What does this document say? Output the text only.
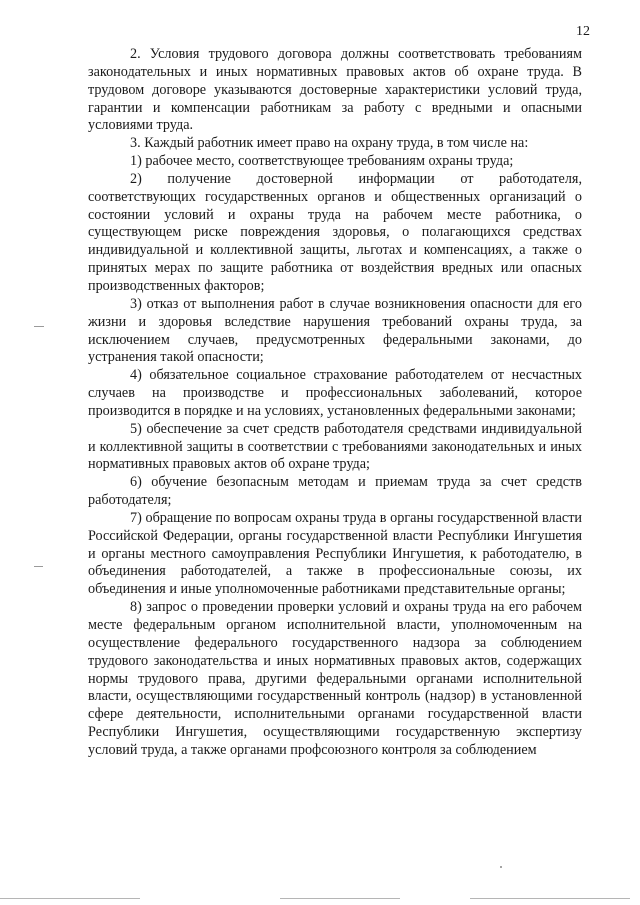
12

2. Условия трудового договора должны соответствовать требованиям законодательных и иных нормативных правовых актов об охране труда. В трудовом договоре указываются достоверные характеристики условий труда, гарантии и компенсации работникам за работу с вредными и опасными условиями труда.

3. Каждый работник имеет право на охрану труда, в том числе на:

1) рабочее место, соответствующее требованиям охраны труда;

2) получение достоверной информации от работодателя, соответствующих государственных органов и общественных организаций о состоянии условий и охраны труда на рабочем месте работника, о существующем риске повреждения здоровья, о полагающихся средствах индивидуальной и коллективной защиты, льготах и компенсациях, а также о принятых мерах по защите работника от воздействия вредных или опасных производственных факторов;

3) отказ от выполнения работ в случае возникновения опасности для его жизни и здоровья вследствие нарушения требований охраны труда, за исключением случаев, предусмотренных федеральными законами, до устранения такой опасности;

4) обязательное социальное страхование работодателем от несчастных случаев на производстве и профессиональных заболеваний, которое производится в порядке и на условиях, установленных федеральными законами;

5) обеспечение за счет средств работодателя средствами индивидуальной и коллективной защиты в соответствии с требованиями законодательных и иных нормативных правовых актов об охране труда;

6) обучение безопасным методам и приемам труда за счет средств работодателя;

7) обращение по вопросам охраны труда в органы государственной власти Российской Федерации, органы государственной власти Республики Ингушетия и органы местного самоуправления Республики Ингушетия, к работодателю, в объединения работодателей, а также в профессиональные союзы, их объединения и иные уполномоченные работниками представительные органы;

8) запрос о проведении проверки условий и охраны труда на его рабочем месте федеральным органом исполнительной власти, уполномоченным на осуществление федерального государственного надзора за соблюдением трудового законодательства и иных нормативных правовых актов, содержащих нормы трудового права, другими федеральными органами исполнительной власти, осуществляющими государственный контроль (надзор) в установленной сфере деятельности, исполнительными органами государственной власти Республики Ингушетия, осуществляющими государственную экспертизу условий труда, а также органами профсоюзного контроля за соблюдением
